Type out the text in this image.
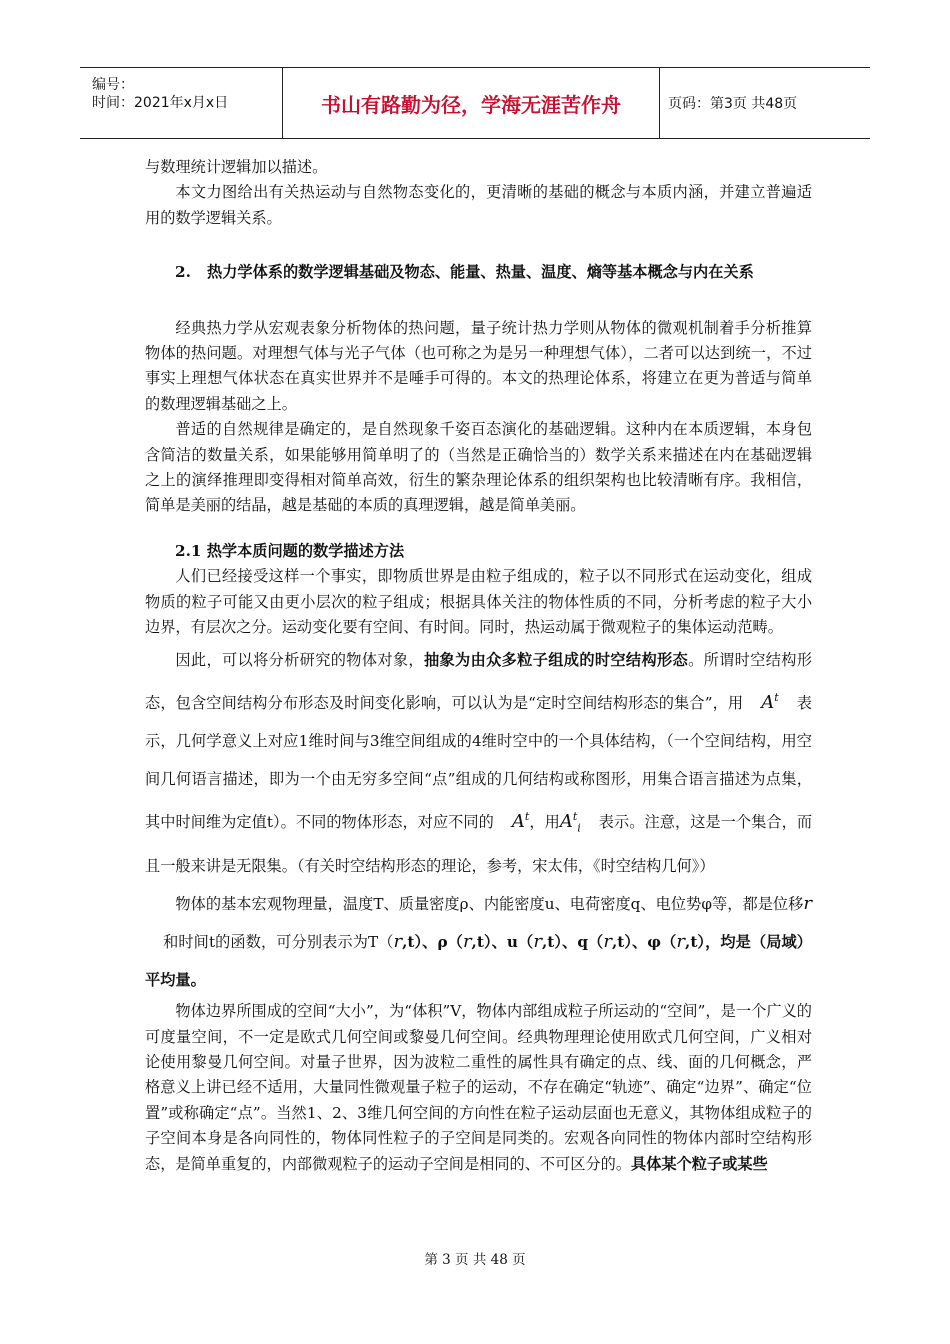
编号：
时间：2021年x月x日	书山有路勤为径，学海无涯苦作舟	页码：第3页 共48页

与数理统计逻辑加以描述。

本文力图给出有关热运动与自然物态变化的，更清晰的基础的概念与本质内涵，并建立普遍适用的数学逻辑关系。

2. 热力学体系的数学逻辑基础及物态、能量、热量、温度、熵等基本概念与内在关系

经典热力学从宏观表象分析物体的热问题，量子统计热力学则从物体的微观机制着手分析推算物体的热问题。对理想气体与光子气体（也可称之为是另一种理想气体），二者可以达到统一，不过事实上理想气体状态在真实世界并不是唾手可得的。本文的热理论体系，将建立在更为普适与简单的数理逻辑基础之上。

普适的自然规律是确定的，是自然现象千姿百态演化的基础逻辑。这种内在本质逻辑，本身包含简洁的数量关系，如果能够用简单明了的（当然是正确恰当的）数学关系来描述在内在基础逻辑之上的演绎推理即变得相对简单高效，衍生的繁杂理论体系的组织架构也比较清晰有序。我相信，简单是美丽的结晶，越是基础的本质的真理逻辑，越是简单美丽。

2.1 热学本质问题的数学描述方法

人们已经接受这样一个事实，即物质世界是由粒子组成的，粒子以不同形式在运动变化，组成物质的粒子可能又由更小层次的粒子组成；根据具体关注的物体性质的不同，分析考虑的粒子大小边界，有层次之分。运动变化要有空间、有时间。同时，热运动属于微观粒子的集体运动范畴。

因此，可以将分析研究的物体对象，抽象为由众多粒子组成的时空结构形态。所谓时空结构形态，包含空间结构分布形态及时间变化影响，可以认为是“定时空间结构形态的集合”，用 $A^t$ 表示，几何学意义上对应1维时间与3维空间组成的4维时空中的一个具体结构，（一个空间结构，用空间几何语言描述，即为一个由无穷多空间“点”组成的几何结构或称图形，用集合语言描述为点集，其中时间维为定值t）。不同的物体形态，对应不同的 $A^t$，用$A^t_i$ 表示。注意，这是一个集合，而且一般来讲是无限集。（有关时空结构形态的理论，参考，宋太伟，《时空结构几何》）

物体的基本宏观物理量，温度T、质量密度ρ、内能密度u、电荷密度q、电位势φ等，都是位移r和时间t的函数，可分别表示为T（r,t）、ρ（r,t）、u（r,t）、q（r,t）、φ（r,t），均是（局域）平均量。

物体边界所围成的空间“大小”，为“体积”V，物体内部组成粒子所运动的“空间”，是一个广义的可度量空间，不一定是欧式几何空间或黎曼几何空间。经典物理理论使用欧式几何空间，广义相对论使用黎曼几何空间。对量子世界，因为波粒二重性的属性具有确定的点、线、面的几何概念，严格意义上讲已经不适用，大量同性微观量子粒子的运动，不存在确定“轨迹”、确定“边界”、确定“位置”或称确定“点”。当然1、2、3维几何空间的方向性在粒子运动层面也无意义，其物体组成粒子的子空间本身是各向同性的，物体同性粒子的子空间是同类的。宏观各向同性的物体内部时空结构形态，是简单重复的，内部微观粒子的运动子空间是相同的、不可区分的。具体某个粒子或某些

第 3 页 共 48 页
